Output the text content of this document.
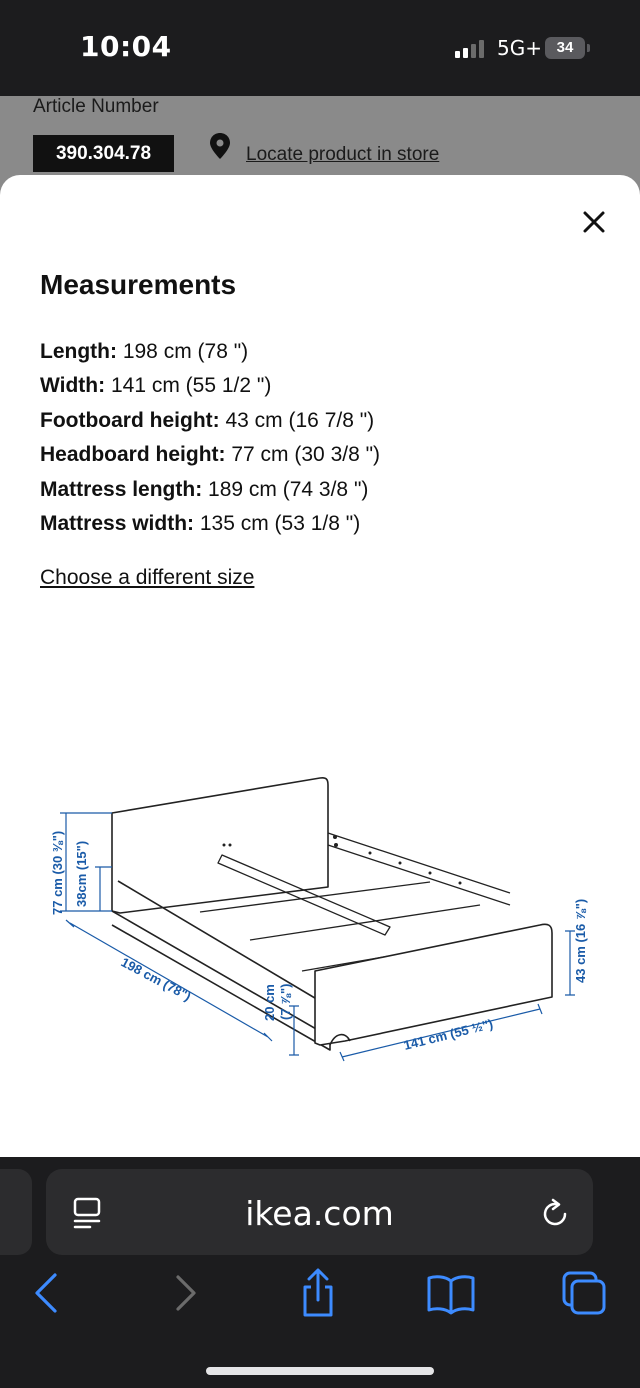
10:04	5G+ 34
Article Number
390.304.78	Locate product in store
Measurements
Length: 198 cm (78 ")
Width: 141 cm (55 1/2 ")
Footboard height: 43 cm (16 7/8 ")
Headboard height: 77 cm (30 3/8 ")
Mattress length: 189 cm (74 3/8 ")
Mattress width: 135 cm (53 1/8 ")
Choose a different size
77 cm (30 ⅜") 38cm (15")
198 cm (78")	20 cm (7 ⅞")
141 cm (55 ½")
43 cm (16 ⅞")
ikea.com
